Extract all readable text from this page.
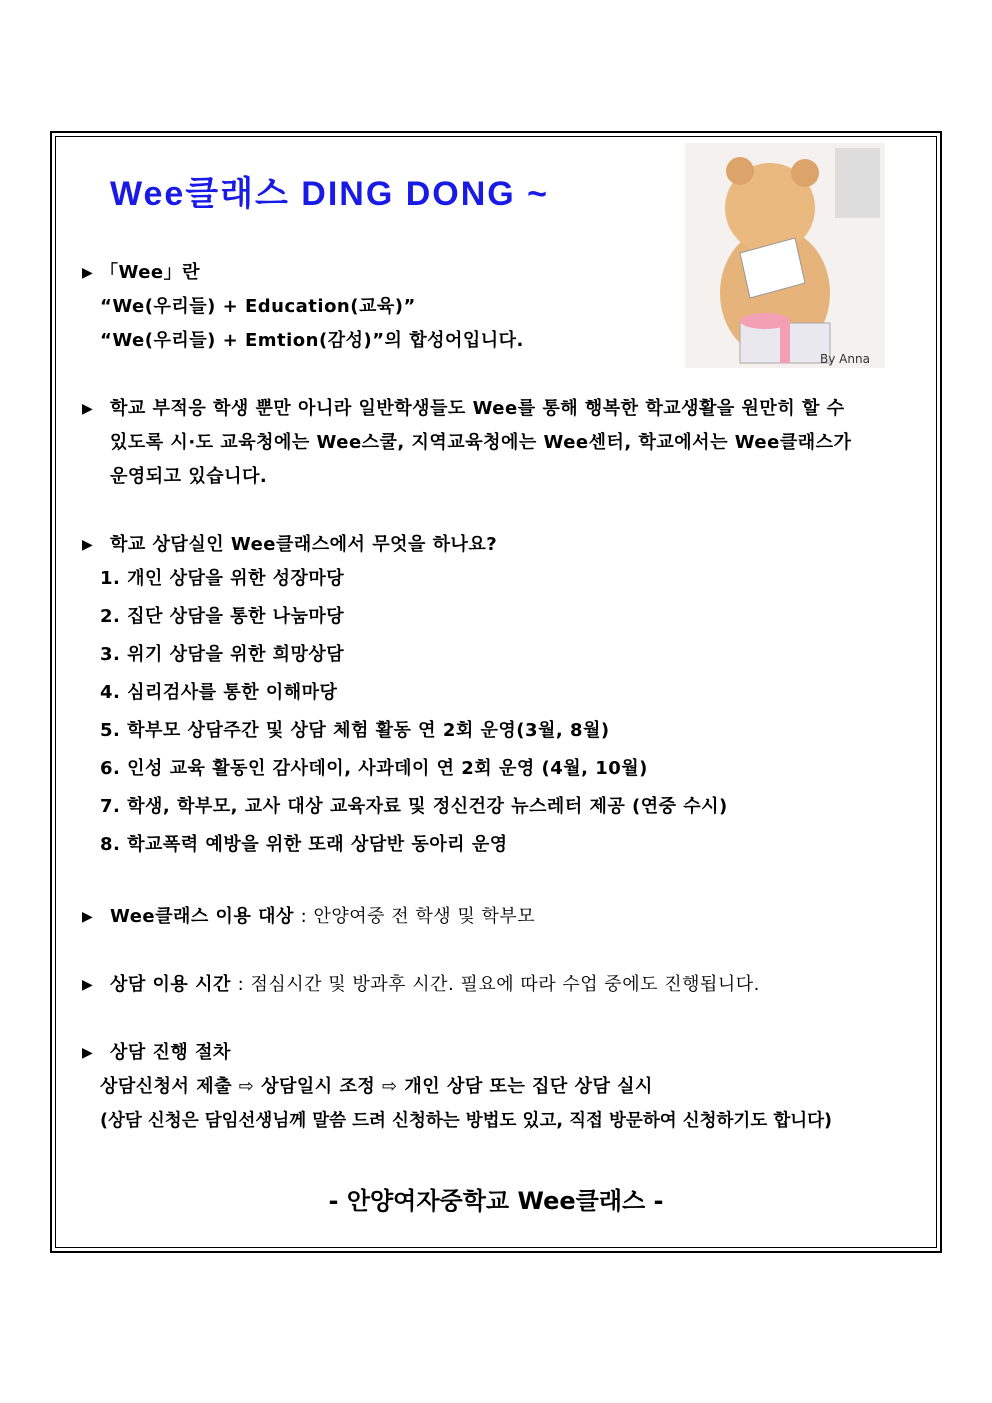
Wee클래스 DING DONG ~
By Anna
▶ 「Wee」란
“We(우리들) + Education(교육)”
“We(우리들) + Emtion(감성)”의 합성어입니다.
▶ 학교 부적응 학생 뿐만 아니라 일반학생들도 Wee를 통해 행복한 학교생활을 원만히 할 수
있도록 시·도 교육청에는 Wee스쿨, 지역교육청에는 Wee센터, 학교에서는 Wee클래스가
운영되고 있습니다.
▶ 학교 상담실인 Wee클래스에서 무엇을 하나요?
1. 개인 상담을 위한 성장마당
2. 집단 상담을 통한 나눔마당
3. 위기 상담을 위한 희망상담
4. 심리검사를 통한 이해마당
5. 학부모 상담주간 및 상담 체험 활동 연 2회 운영(3월, 8월)
6. 인성 교육 활동인 감사데이, 사과데이 연 2회 운영 (4월, 10월)
7. 학생, 학부모, 교사 대상 교육자료 및 정신건강 뉴스레터 제공 (연중 수시)
8. 학교폭력 예방을 위한 또래 상담반 동아리 운영
▶ Wee클래스 이용 대상 : 안양여중 전 학생 및 학부모
▶ 상담 이용 시간 : 점심시간 및 방과후 시간. 필요에 따라 수업 중에도 진행됩니다.
▶ 상담 진행 절차
상담신청서 제출 ⇨ 상담일시 조정 ⇨ 개인 상담 또는 집단 상담 실시
(상담 신청은 담임선생님께 말씀 드려 신청하는 방법도 있고, 직접 방문하여 신청하기도 합니다)
- 안양여자중학교 Wee클래스 -
